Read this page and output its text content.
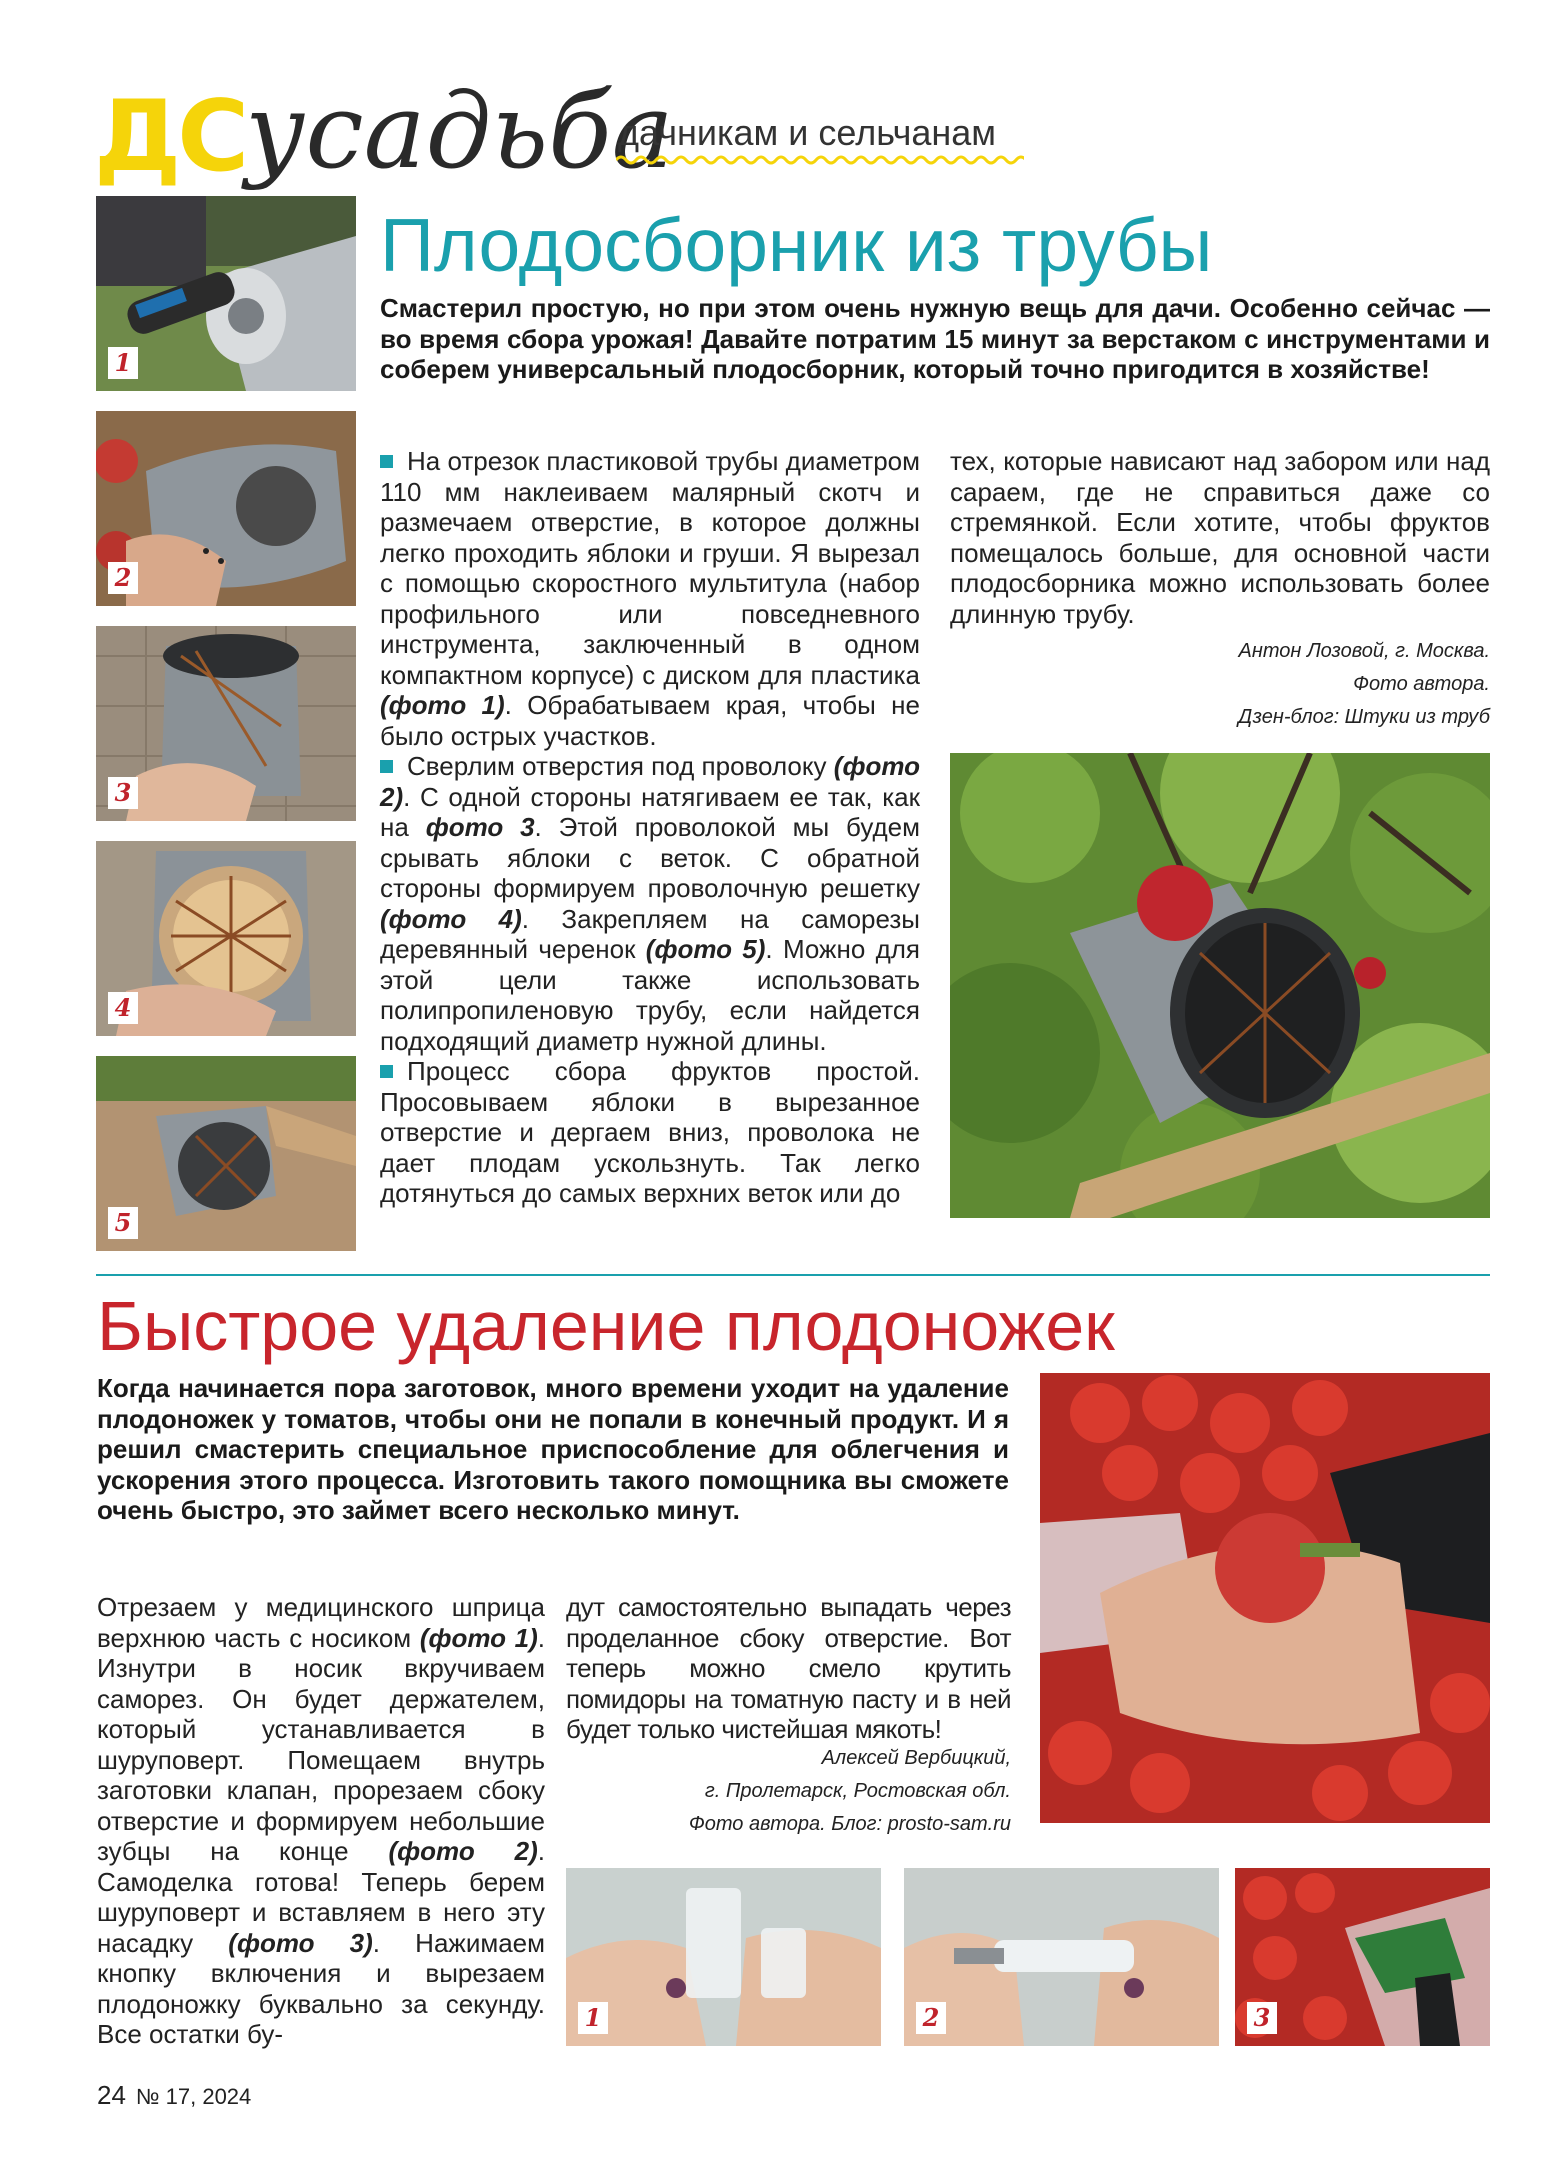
ДС усадьба
дачникам и сельчанам
1
2
3
4
5
Плодосборник из трубы
Смастерил простую, но при этом очень нужную вещь для дачи. Особенно сейчас — во время сбора урожая! Давайте потратим 15 минут за верстаком с инструментами и соберем универсальный плодосборник, который точно пригодится в хозяйстве!

На отрезок пластиковой трубы диаметром 110 мм наклеиваем малярный скотч и размечаем отверстие, в которое должны легко проходить яблоки и груши. Я вырезал с помощью скоростного мультитула (набор профильного или повседневного инструмента, заключенный в одном компактном корпусе) с диском для пластика (фото 1). Обрабатываем края, чтобы не было острых участков.

Сверлим отверстия под проволоку (фото 2). С одной стороны натягиваем ее так, как на фото 3. Этой проволокой мы будем срывать яблоки с веток. С обратной стороны формируем проволочную решетку (фото 4). Закрепляем на саморезы деревянный черенок (фото 5). Можно для этой цели также использовать полипропиленовую трубу, если найдется подходящий диаметр нужной длины.

Процесс сбора фруктов простой. Просовываем яблоки в вырезанное отверстие и дергаем вниз, проволока не дает плодам ускользнуть. Так легко дотянуться до самых верхних веток или до

тех, которые нависают над забором или над сараем, где не справиться даже со стремянкой. Если хотите, чтобы фруктов помещалось больше, для основной части плодосборника можно использовать более длинную трубу.

Антон Лозовой, г. Москва.
Фото автора.
Дзен-блог: Штуки из труб
Быстрое удаление плодоножек
Когда начинается пора заготовок, много времени уходит на удаление плодоножек у томатов, чтобы они не попали в конечный продукт. И я решил смастерить специальное приспособление для облегчения и ускорения этого процесса. Изготовить такого помощника вы сможете очень быстро, это займет всего несколько минут.

Отрезаем у медицинского шприца верхнюю часть с носиком (фото 1). Изнутри в носик вкручиваем саморез. Он будет держателем, который устанавливается в шуруповерт. Помещаем внутрь заготовки клапан, прорезаем сбоку отверстие и формируем небольшие зубцы на конце (фото 2). Самоделка готова! Теперь берем шуруповерт и вставляем в него эту насадку (фото 3). Нажимаем кнопку включения и вырезаем плодоножку буквально за секунду. Все остатки бу-

дут самостоятельно выпадать через проделанное сбоку отверстие. Вот теперь можно смело крутить помидоры на томатную пасту и в ней будет только чистейшая мякоть!

Алексей Вербицкий,
г. Пролетарск, Ростовская обл.
Фото автора. Блог: prosto-sam.ru
1	2	3
24 № 17, 2024
